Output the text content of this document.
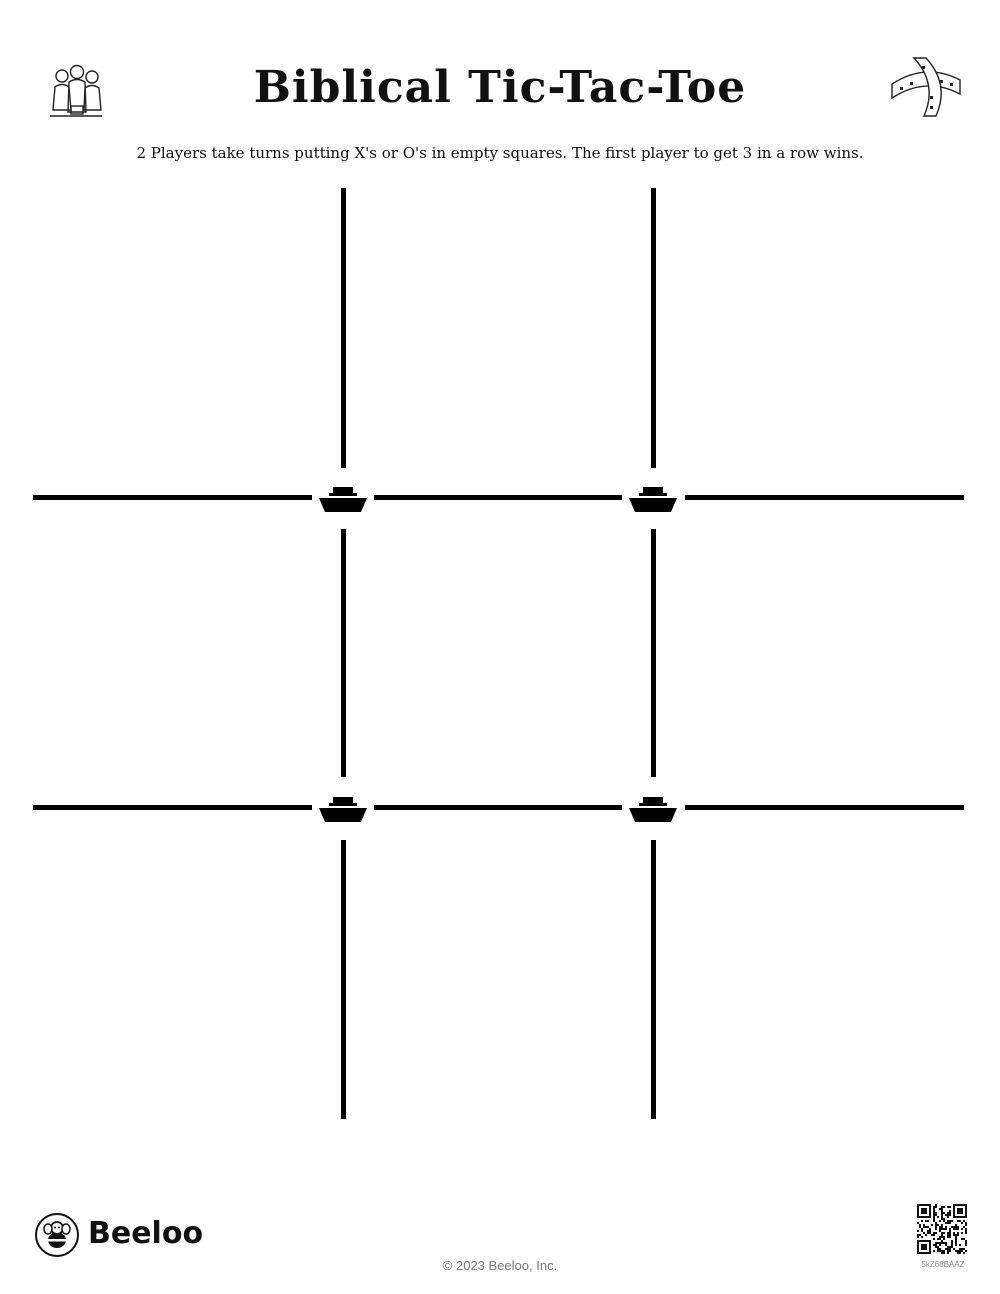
Biblical Tic-Tac-Toe
2 Players take turns putting X's or O's in empty squares. The first player to get 3 in a row wins.
Beeloo
© 2023 Beeloo, Inc.	5kZ68BAAZ
